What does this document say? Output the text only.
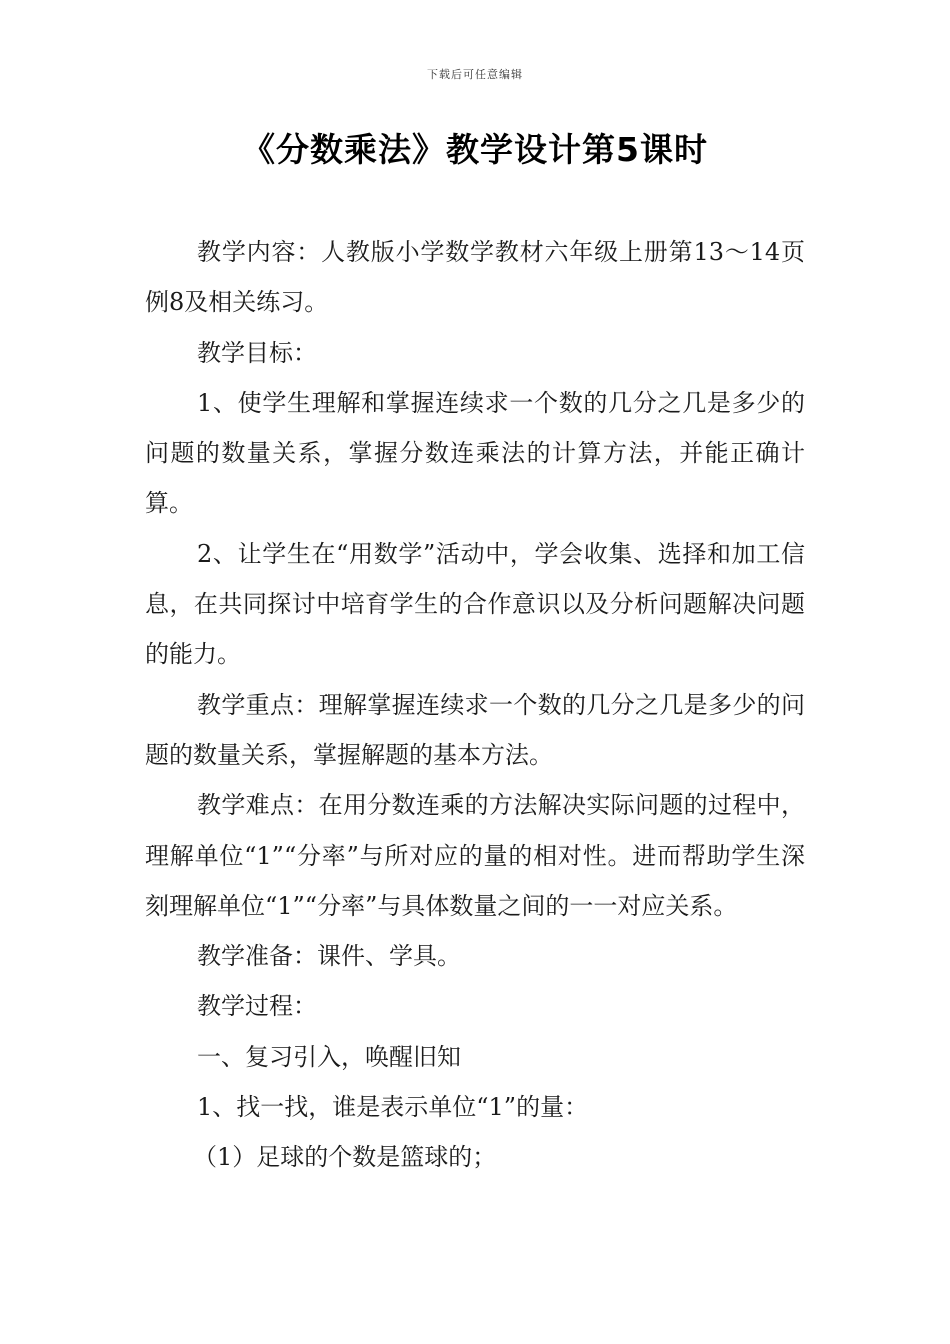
下载后可任意编辑
《分数乘法》教学设计第5课时

教学内容：人教版小学数学教材六年级上册第13～14页例8及相关练习。

教学目标：

1、使学生理解和掌握连续求一个数的几分之几是多少的问题的数量关系，掌握分数连乘法的计算方法，并能正确计算。

2、让学生在“用数学”活动中，学会收集、选择和加工信息，在共同探讨中培育学生的合作意识以及分析问题解决问题的能力。

教学重点：理解掌握连续求一个数的几分之几是多少的问题的数量关系，掌握解题的基本方法。

教学难点：在用分数连乘的方法解决实际问题的过程中，理解单位“1”“分率”与所对应的量的相对性。进而帮助学生深刻理解单位“1”“分率”与具体数量之间的一一对应关系。

教学准备：课件、学具。

教学过程：

一、复习引入，唤醒旧知

1、找一找，谁是表示单位“1”的量：

（1）足球的个数是篮球的；
